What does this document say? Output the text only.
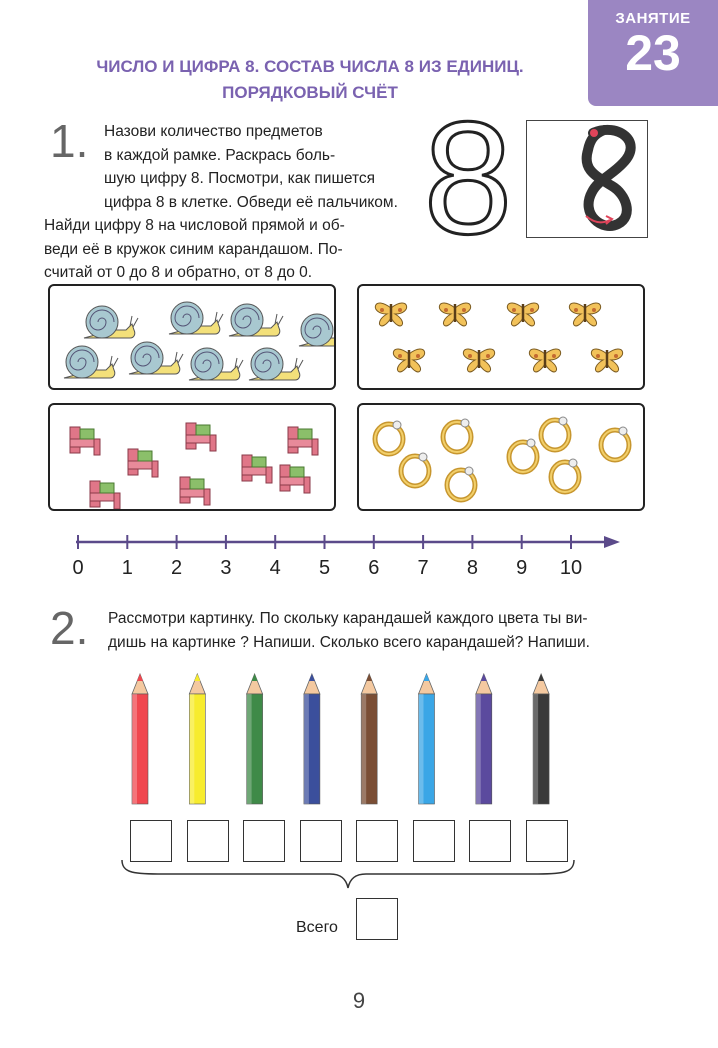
ЗАНЯТИЕ
23
ЧИСЛО И ЦИФРА 8. СОСТАВ ЧИСЛА 8 ИЗ ЕДИНИЦ.
ПОРЯДКОВЫЙ СЧЁТ
1.	Назови количество предметов
в каждой рамке. Раскрась боль-
шую цифру 8. Посмотри, как пишется
цифра 8 в клетке. Обведи её пальчиком.
Найди цифру 8 на числовой прямой и об-
веди её в кружок синим карандашом. По-
считай от 0 до 8 и обратно, от 8 до 0.
8
0 1 2 3 4 5 6 7 8 9 10
2. Рассмотри картинку. По скольку карандашей каждого цвета ты ви-
дишь на картинке ? Напиши. Сколько всего карандашей? Напиши.
Всего
9
